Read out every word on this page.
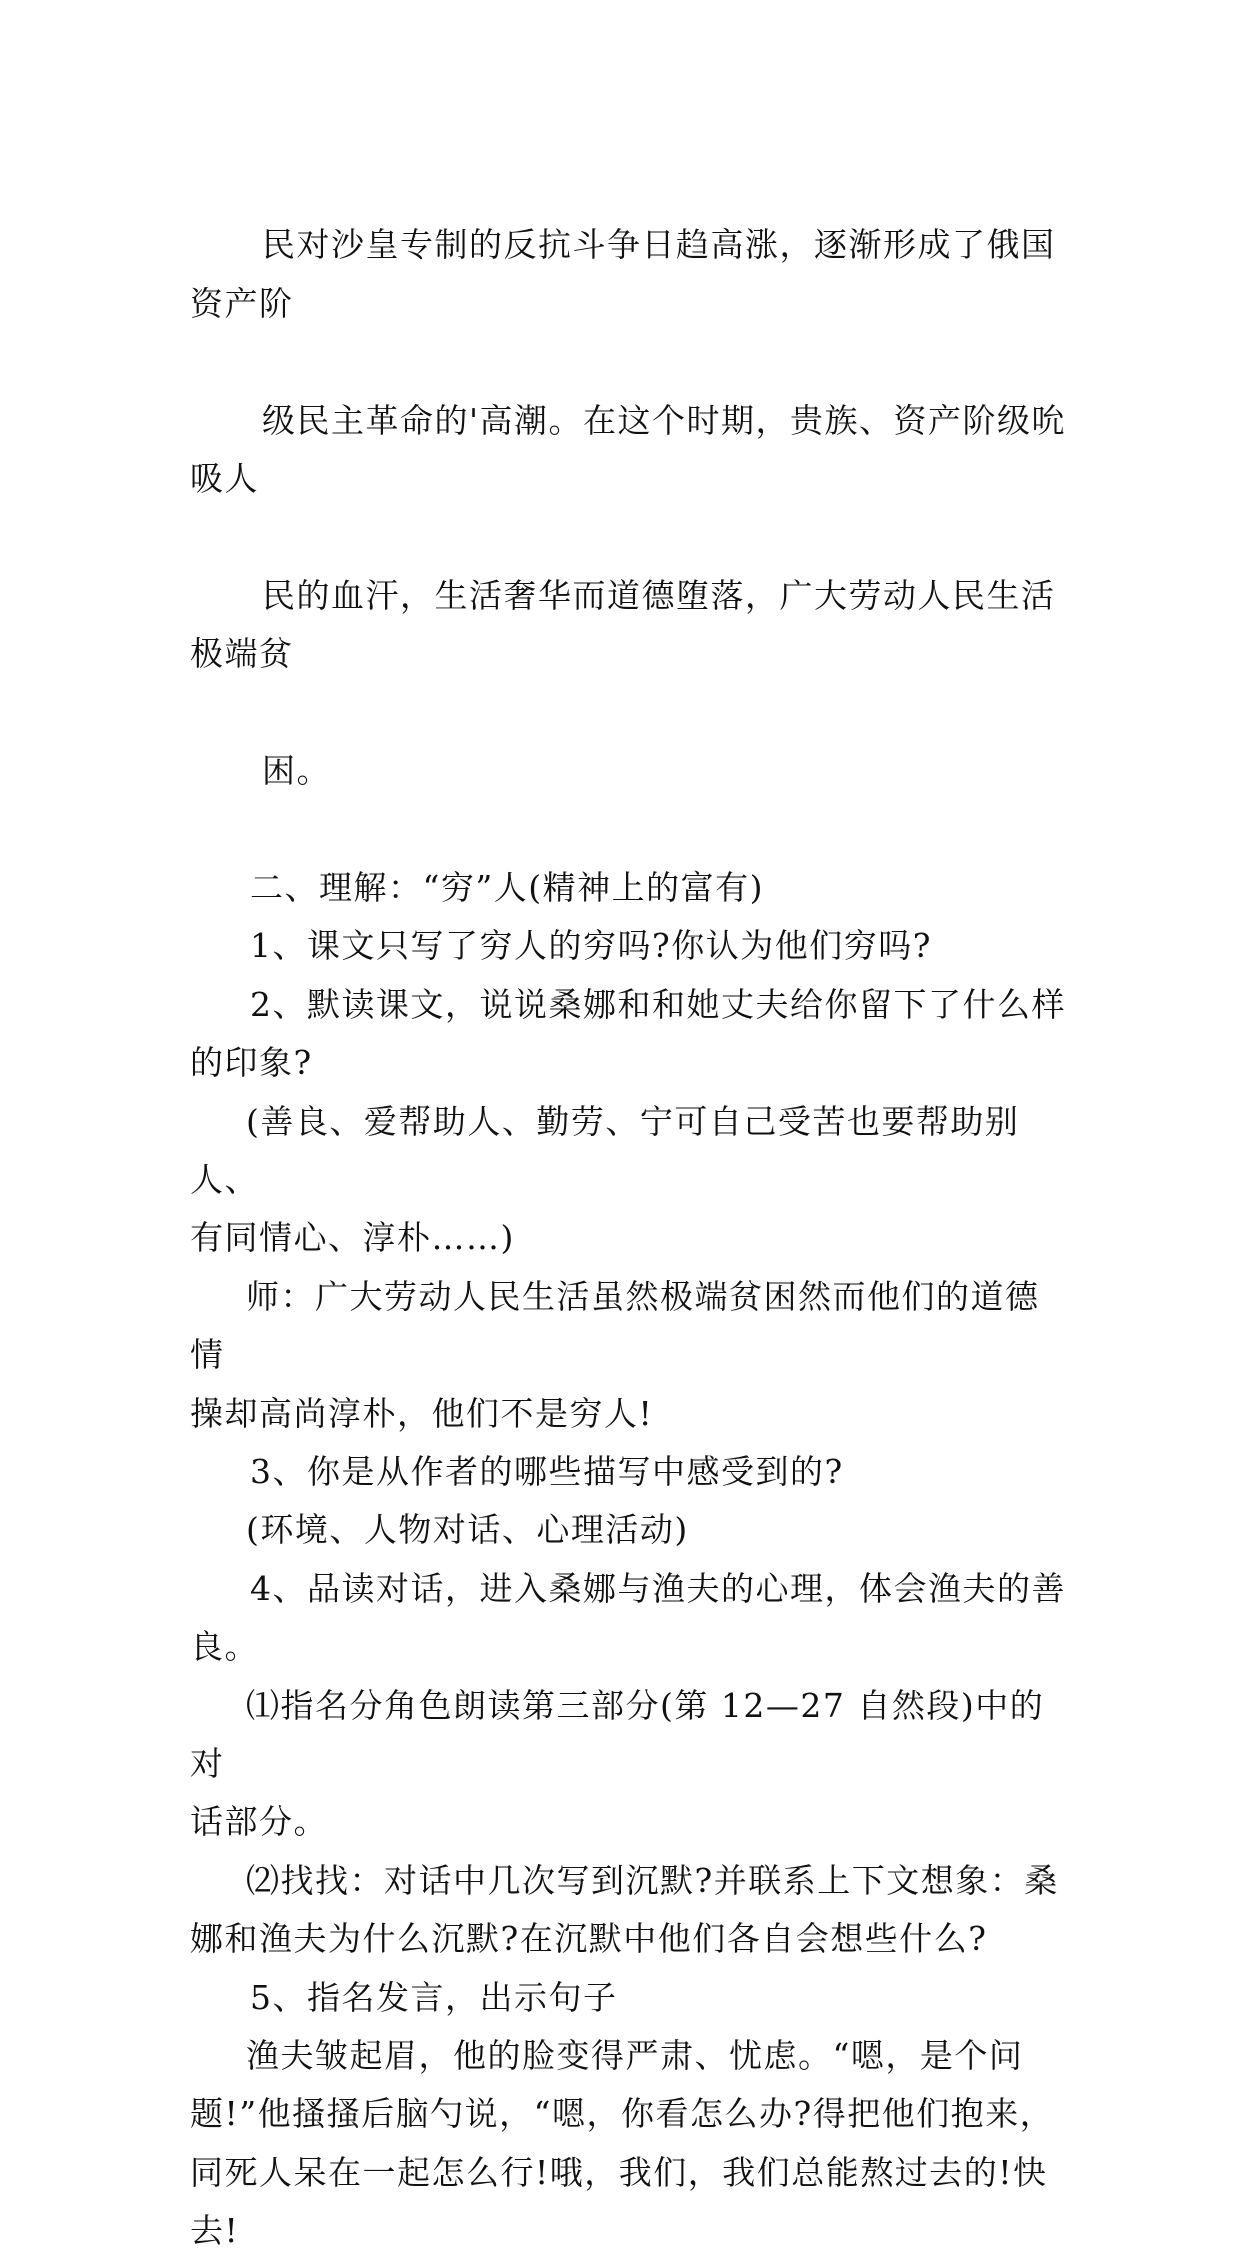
民对沙皇专制的反抗斗争日趋高涨，逐渐形成了俄国资产阶

级民主革命的'高潮。在这个时期，贵族、资产阶级吮吸人

民的血汗，生活奢华而道德堕落，广大劳动人民生活极端贫

困。

二、理解：“穷”人(精神上的富有)

1、课文只写了穷人的穷吗?你认为他们穷吗?

2、默读课文，说说桑娜和和她丈夫给你留下了什么样
的印象?

(善良、爱帮助人、勤劳、宁可自己受苦也要帮助别人、
有同情心、淳朴……)

师：广大劳动人民生活虽然极端贫困然而他们的道德情
操却高尚淳朴，他们不是穷人!

3、你是从作者的哪些描写中感受到的?

(环境、人物对话、心理活动)

4、品读对话，进入桑娜与渔夫的心理，体会渔夫的善
良。

⑴指名分角色朗读第三部分(第 12—27 自然段)中的对
话部分。

⑵找找：对话中几次写到沉默?并联系上下文想象：桑
娜和渔夫为什么沉默?在沉默中他们各自会想些什么?

5、指名发言，出示句子

渔夫皱起眉，他的脸变得严肃、忧虑。“嗯，是个问
题!”他搔搔后脑勺说，“嗯，你看怎么办?得把他们抱来，
同死人呆在一起怎么行!哦，我们，我们总能熬过去的!快去!
